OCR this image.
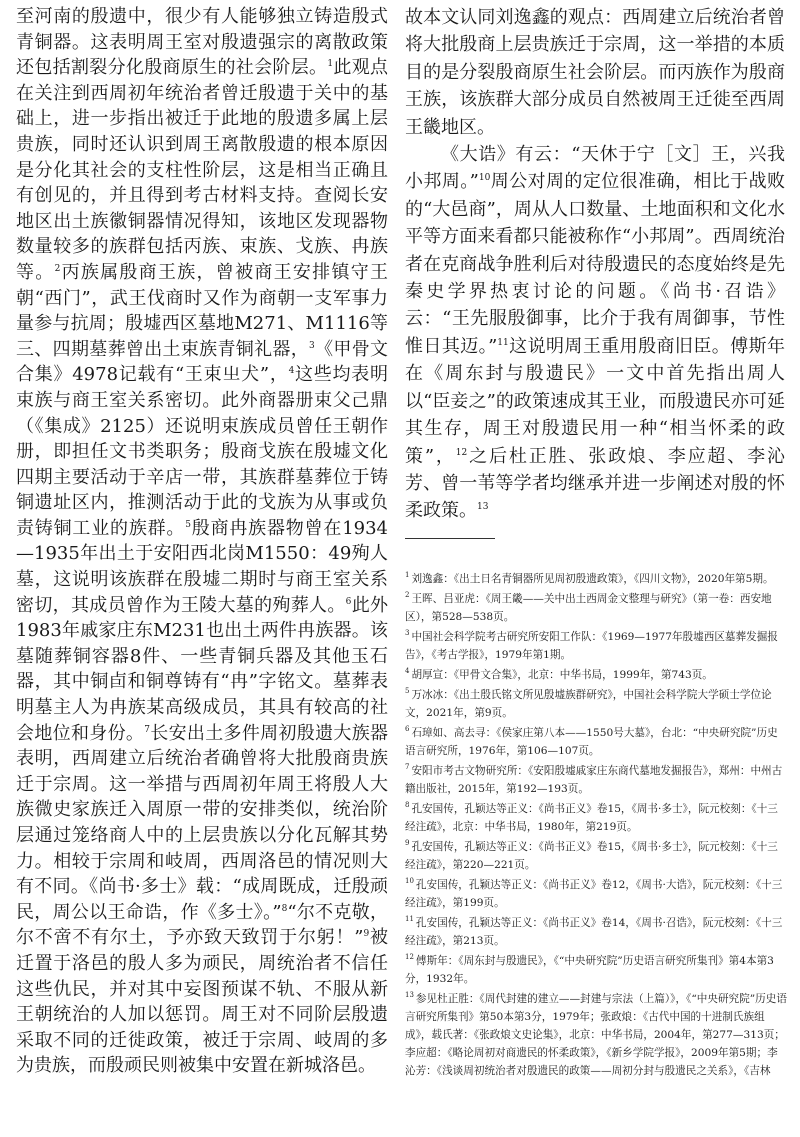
至河南的殷遗中，很少有人能够独立铸造殷式青铜器。这表明周王室对殷遗强宗的离散政策还包括割裂分化殷商原生的社会阶层。$^1$此观点在关注到西周初年统治者曾迁殷遗于关中的基础上，进一步指出被迁于此地的殷遗多属上层贵族，同时还认识到周王离散殷遗的根本原因是分化其社会的支柱性阶层，这是相当正确且有创见的，并且得到考古材料支持。查阅长安地区出土族徽铜器情况得知，该地区发现器物数量较多的族群包括丙族、束族、戈族、冉族等。$^2$丙族属殷商王族，曾被商王安排镇守王朝“西门”，武王伐商时又作为商朝一支军事力量参与抗周；殷墟西区墓地M271、M1116等三、四期墓葬曾出土束族青铜礼器，$^3$《甲骨文合集》4978记载有“王束㞢犬”，$^4$这些均表明束族与商王室关系密切。此外商器册束父己鼎（《集成》2125）还说明束族成员曾任王朝作册，即担任文书类职务；殷商戈族在殷墟文化四期主要活动于辛店一带，其族群墓葬位于铸铜遗址区内，推测活动于此的戈族为从事或负责铸铜工业的族群。$^5$殷商冉族器物曾在1934—1935年出土于安阳西北岗M1550：49殉人墓，这说明该族群在殷墟二期时与商王室关系密切，其成员曾作为王陵大墓的殉葬人。$^6$此外1983年戚家庄东M231也出土两件冉族器。该墓随葬铜容器8件、一些青铜兵器及其他玉石器，其中铜卣和铜尊铸有“冉”字铭文。墓葬表明墓主人为冉族某高级成员，其具有较高的社会地位和身份。$^7$长安出土多件周初殷遗大族器表明，西周建立后统治者确曾将大批殷商贵族迁于宗周。这一举措与西周初年周王将殷人大族微史家族迁入周原一带的安排类似，统治阶层通过笼络商人中的上层贵族以分化瓦解其势力。相较于宗周和岐周，西周洛邑的情况则大有不同。《尚书·多士》载：“成周既成，迁殷顽民，周公以王命诰，作《多士》。”$^8$“尔不克敬，尔不啻不有尔土，予亦致天致罚于尔躬！”$^9$被迁置于洛邑的殷人多为顽民，周统治者不信任这些仇民，并对其中妄图预谋不轨、不服从新王朝统治的人加以惩罚。周王对不同阶层殷遗采取不同的迁徙政策，被迁于宗周、岐周的多为贵族，而殷顽民则被集中安置在新城洛邑。

故本文认同刘逸鑫的观点：西周建立后统治者曾将大批殷商上层贵族迁于宗周，这一举措的本质目的是分裂殷商原生社会阶层。而丙族作为殷商王族，该族群大部分成员自然被周王迁徙至西周王畿地区。

《大诰》有云：“天休于宁［文］王，兴我小邦周。”$^{10}$周公对周的定位很准确，相比于战败的“大邑商”，周从人口数量、土地面积和文化水平等方面来看都只能被称作“小邦周”。西周统治者在克商战争胜利后对待殷遗民的态度始终是先秦史学界热衷讨论的问题。《尚书·召诰》云：“王先服殷御事，比介于我有周御事，节性惟日其迈。”$^{11}$这说明周王重用殷商旧臣。傅斯年在《周东封与殷遗民》一文中首先指出周人以“臣妾之”的政策速成其王业，而殷遗民亦可延其生存，周王对殷遗民用一种“相当怀柔的政策”，$^{12}$之后杜正胜、张政烺、李应超、李沁芳、曾一苇等学者均继承并进一步阐述对殷的怀柔政策。$^{13}$

$^1$ 刘逸鑫：《出土日名青铜器所见周初殷遗政策》，《四川文物》，2020年第5期。

$^2$ 王晖、吕亚虎：《周王畿——关中出土西周金文整理与研究》（第一卷：西安地区），第528—538页。

$^3$ 中国社会科学院考古研究所安阳工作队：《1969—1977年殷墟西区墓葬发掘报告》，《考古学报》，1979年第1期。

$^4$ 胡厚宣：《甲骨文合集》，北京：中华书局，1999年，第743页。

$^5$ 万冰冰：《出土殷氏铭文所见殷墟族群研究》，中国社会科学院大学硕士学位论文，2021年，第9页。

$^6$ 石璋如、高去寻：《侯家庄第八本——1550号大墓》，台北：“中央研究院”历史语言研究所，1976年，第106—107页。

$^7$ 安阳市考古文物研究所：《安阳殷墟戚家庄东商代墓地发掘报告》，郑州：中州古籍出版社，2015年，第192—193页。

$^8$ 孔安国传，孔颖达等正义：《尚书正义》卷15，《周书·多士》，阮元校刻：《十三经注疏》，北京：中华书局，1980年，第219页。

$^9$ 孔安国传，孔颖达等正义：《尚书正义》卷15，《周书·多士》，阮元校刻：《十三经注疏》，第220—221页。

$^{10}$ 孔安国传，孔颖达等正义：《尚书正义》卷12，《周书·大诰》，阮元校刻：《十三经注疏》，第199页。

$^{11}$ 孔安国传，孔颖达等正义：《尚书正义》卷14，《周书·召诰》，阮元校刻：《十三经注疏》，第213页。

$^{12}$ 傅斯年：《周东封与殷遗民》，《“中央研究院”历史语言研究所集刊》第4本第3分，1932年。

$^{13}$ 参见杜正胜：《周代封建的建立——封建与宗法（上篇）》，《“中央研究院”历史语言研究所集刊》第50本第3分，1979年；张政烺：《古代中国的十进制氏族组成》，载氏著：《张政烺文史论集》，北京：中华书局，2004年，第277—313页；李应超：《略论周初对商遗民的怀柔政策》，《新乡学院学报》，2009年第5期；李沁芳：《浅谈周初统治者对殷遗民的政策——周初分封与殷遗民之关系》，《吉林
